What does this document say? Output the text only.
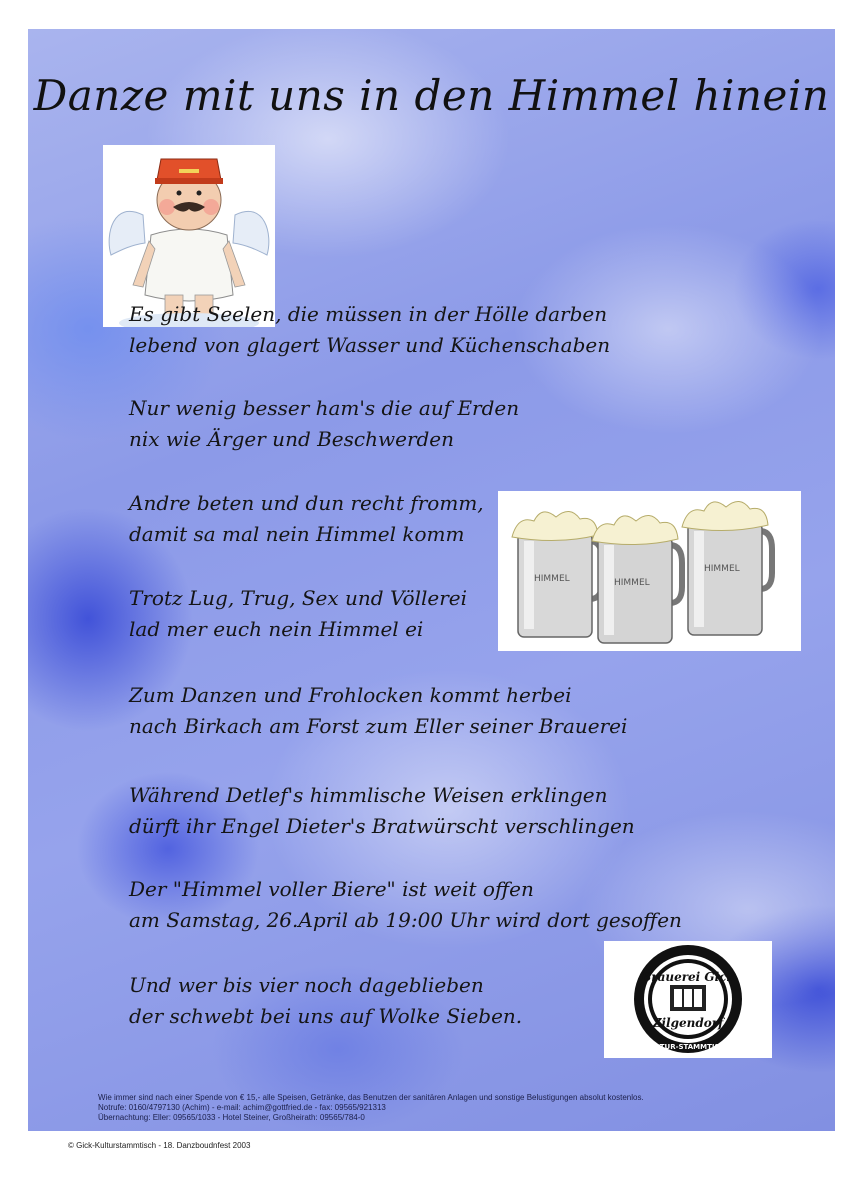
Danze mit uns in den Himmel hinein
Es gibt Seelen, die müssen in der Hölle darben
lebend von glagert Wasser und Küchenschaben
Nur wenig besser ham's die auf Erden
nix wie Ärger und Beschwerden
Andre beten und dun recht fromm,
damit sa mal nein Himmel komm
Trotz Lug, Trug, Sex und Völlerei
lad mer euch nein Himmel ei
Zum Danzen und Frohlocken kommt herbei
nach Birkach am Forst zum Eller seiner Brauerei
Während Detlef's himmlische Weisen erklingen
dürft ihr Engel Dieter's Bratwürscht verschlingen
Der "Himmel voller Biere" ist weit offen
am Samstag, 26.April ab 19:00 Uhr wird dort gesoffen
Und wer bis vier noch dageblieben
der schwebt bei uns auf Wolke Sieben.
HIMMEL	HIMMEL
HIMMEL
Brauerei Gick
Zilgendorf
KULTUR-STAMMTISCH
Wie immer sind nach einer Spende von € 15,- alle Speisen, Getränke, das Benutzen der sanitären Anlagen und sonstige Belustigungen absolut kostenlos.
Notrufe: 0160/4797130 (Achim) - e-mail: achim@gottfried.de - fax: 09565/921313
Übernachtung: Eller: 09565/1033 - Hotel Steiner, Großheirath: 09565/784-0
© Gick-Kulturstammtisch - 18. Danzboudnfest 2003
